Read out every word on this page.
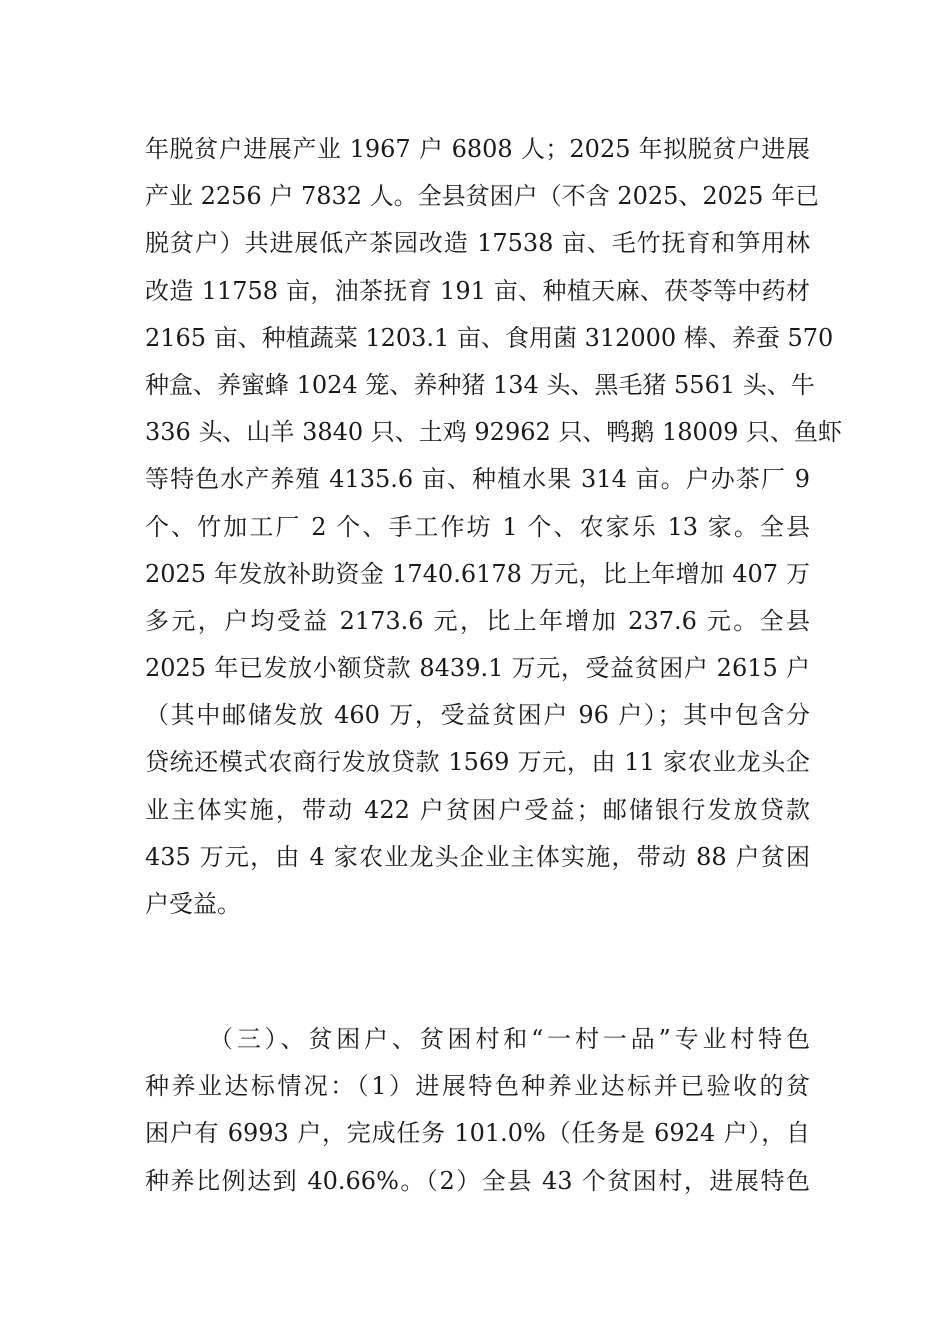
年脱贫户进展产业 1967 户 6808 人；2025 年拟脱贫户进展
产业 2256 户 7832 人。全县贫困户（不含 2025、2025 年已
脱贫户）共进展低产茶园改造 17538 亩、毛竹抚育和笋用林
改造 11758 亩，油茶抚育 191 亩、种植天麻、茯苓等中药材
2165 亩、种植蔬菜 1203.1 亩、食用菌 312000 棒、养蚕 570
种盒、养蜜蜂 1024 笼、养种猪 134 头、黑毛猪 5561 头、牛
336 头、山羊 3840 只、土鸡 92962 只、鸭鹅 18009 只、鱼虾
等特色水产养殖 4135.6 亩、种植水果 314 亩。户办茶厂 9
个、竹加工厂 2 个、手工作坊 1 个、农家乐 13 家。全县
2025 年发放补助资金 1740.6178 万元，比上年增加 407 万
多元，户均受益 2173.6 元，比上年增加 237.6 元。全县
2025 年已发放小额贷款 8439.1 万元，受益贫困户 2615 户
（其中邮储发放 460 万，受益贫困户 96 户）；其中包含分
贷统还模式农商行发放贷款 1569 万元，由 11 家农业龙头企
业主体实施，带动 422 户贫困户受益；邮储银行发放贷款
435 万元，由 4 家农业龙头企业主体实施，带动 88 户贫困
户受益。
（三）、贫困户、贫困村和“一村一品”专业村特色
种养业达标情况：（1）进展特色种养业达标并已验收的贫
困户有 6993 户，完成任务 101.0%（任务是 6924 户），自
种养比例达到 40.66%。（2）全县 43 个贫困村，进展特色
